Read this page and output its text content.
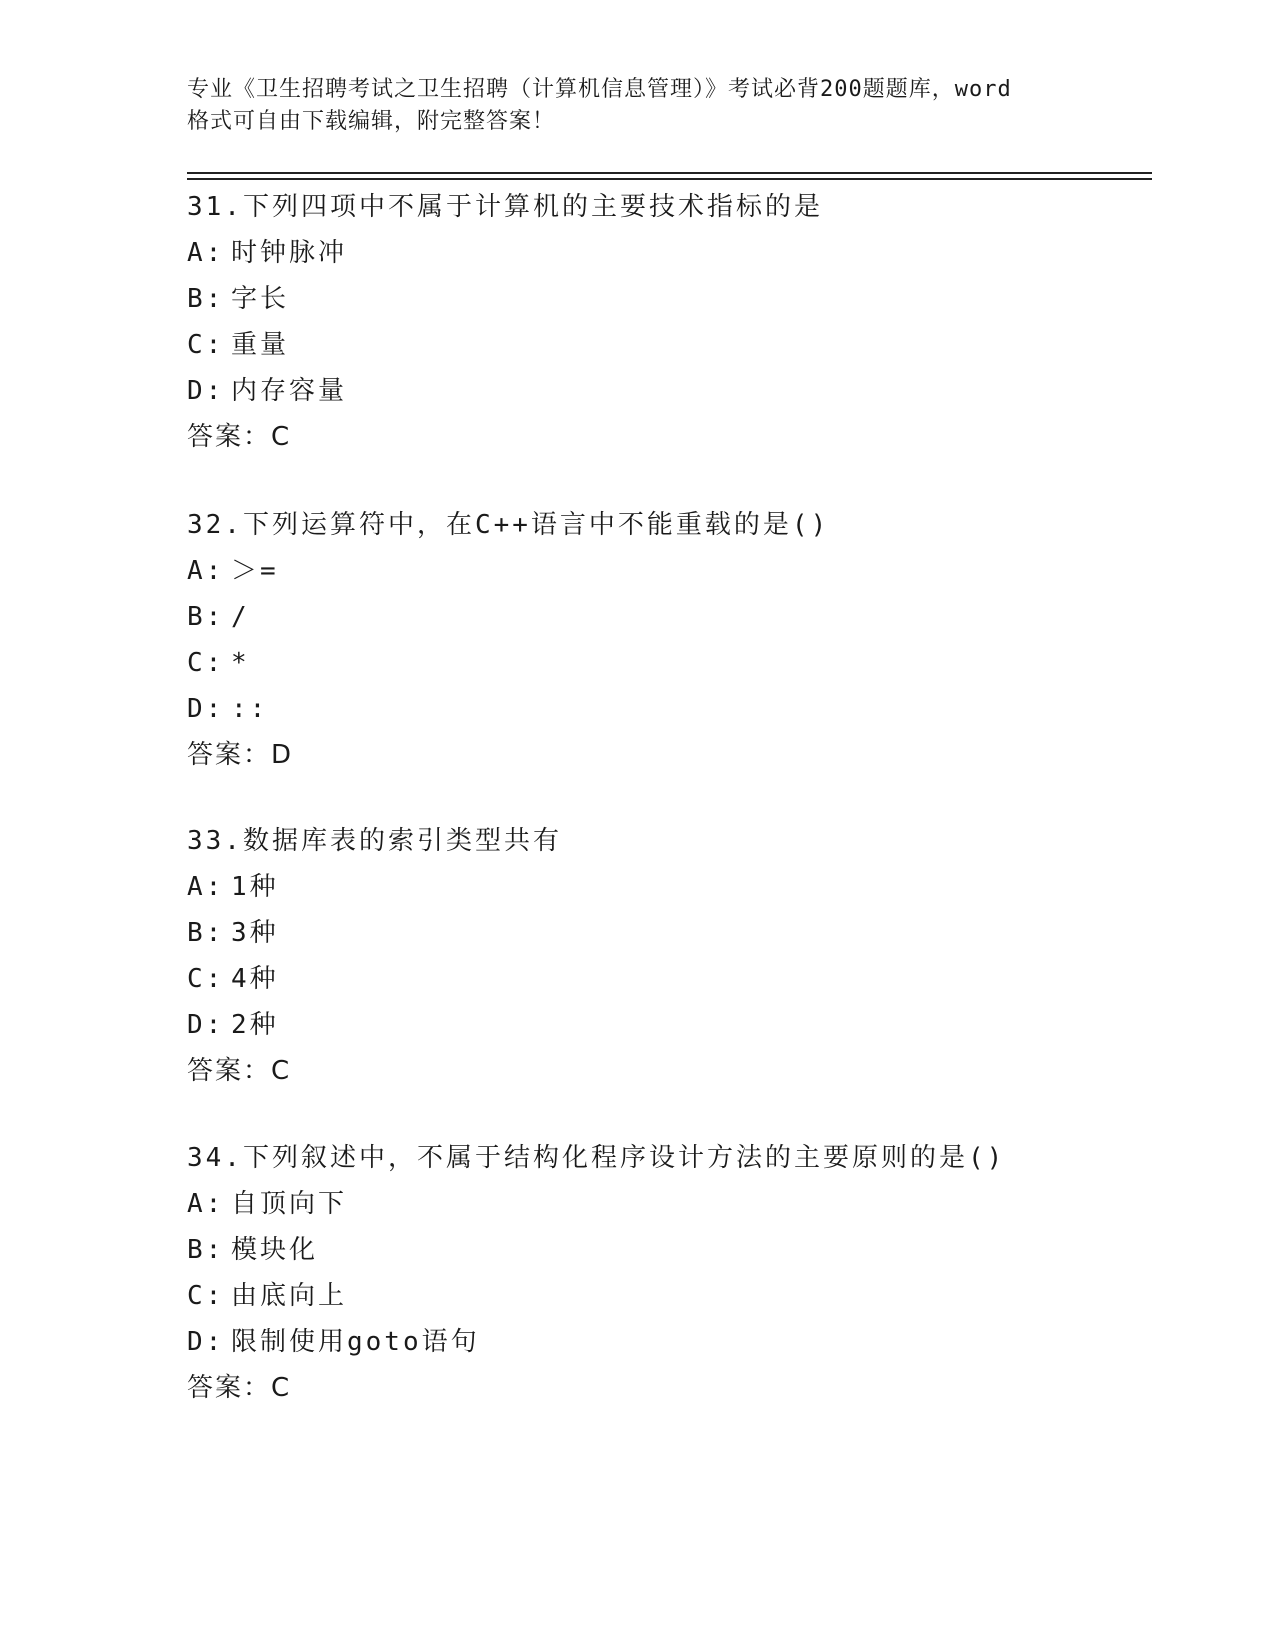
专业《卫生招聘考试之卫生招聘（计算机信息管理）》考试必背200题题库，word
格式可自由下载编辑，附完整答案！
31.下列四项中不属于计算机的主要技术指标的是
A: 时钟脉冲
B: 字长
C: 重量
D: 内存容量
答案：C
32.下列运算符中，在C++语言中不能重载的是()
A: ＞=
B: /
C: *
D: ::
答案：D
33.数据库表的索引类型共有
A: 1种
B: 3种
C: 4种
D: 2种
答案：C
34.下列叙述中，不属于结构化程序设计方法的主要原则的是()
A: 自顶向下
B: 模块化
C: 由底向上
D: 限制使用goto语句
答案：C
